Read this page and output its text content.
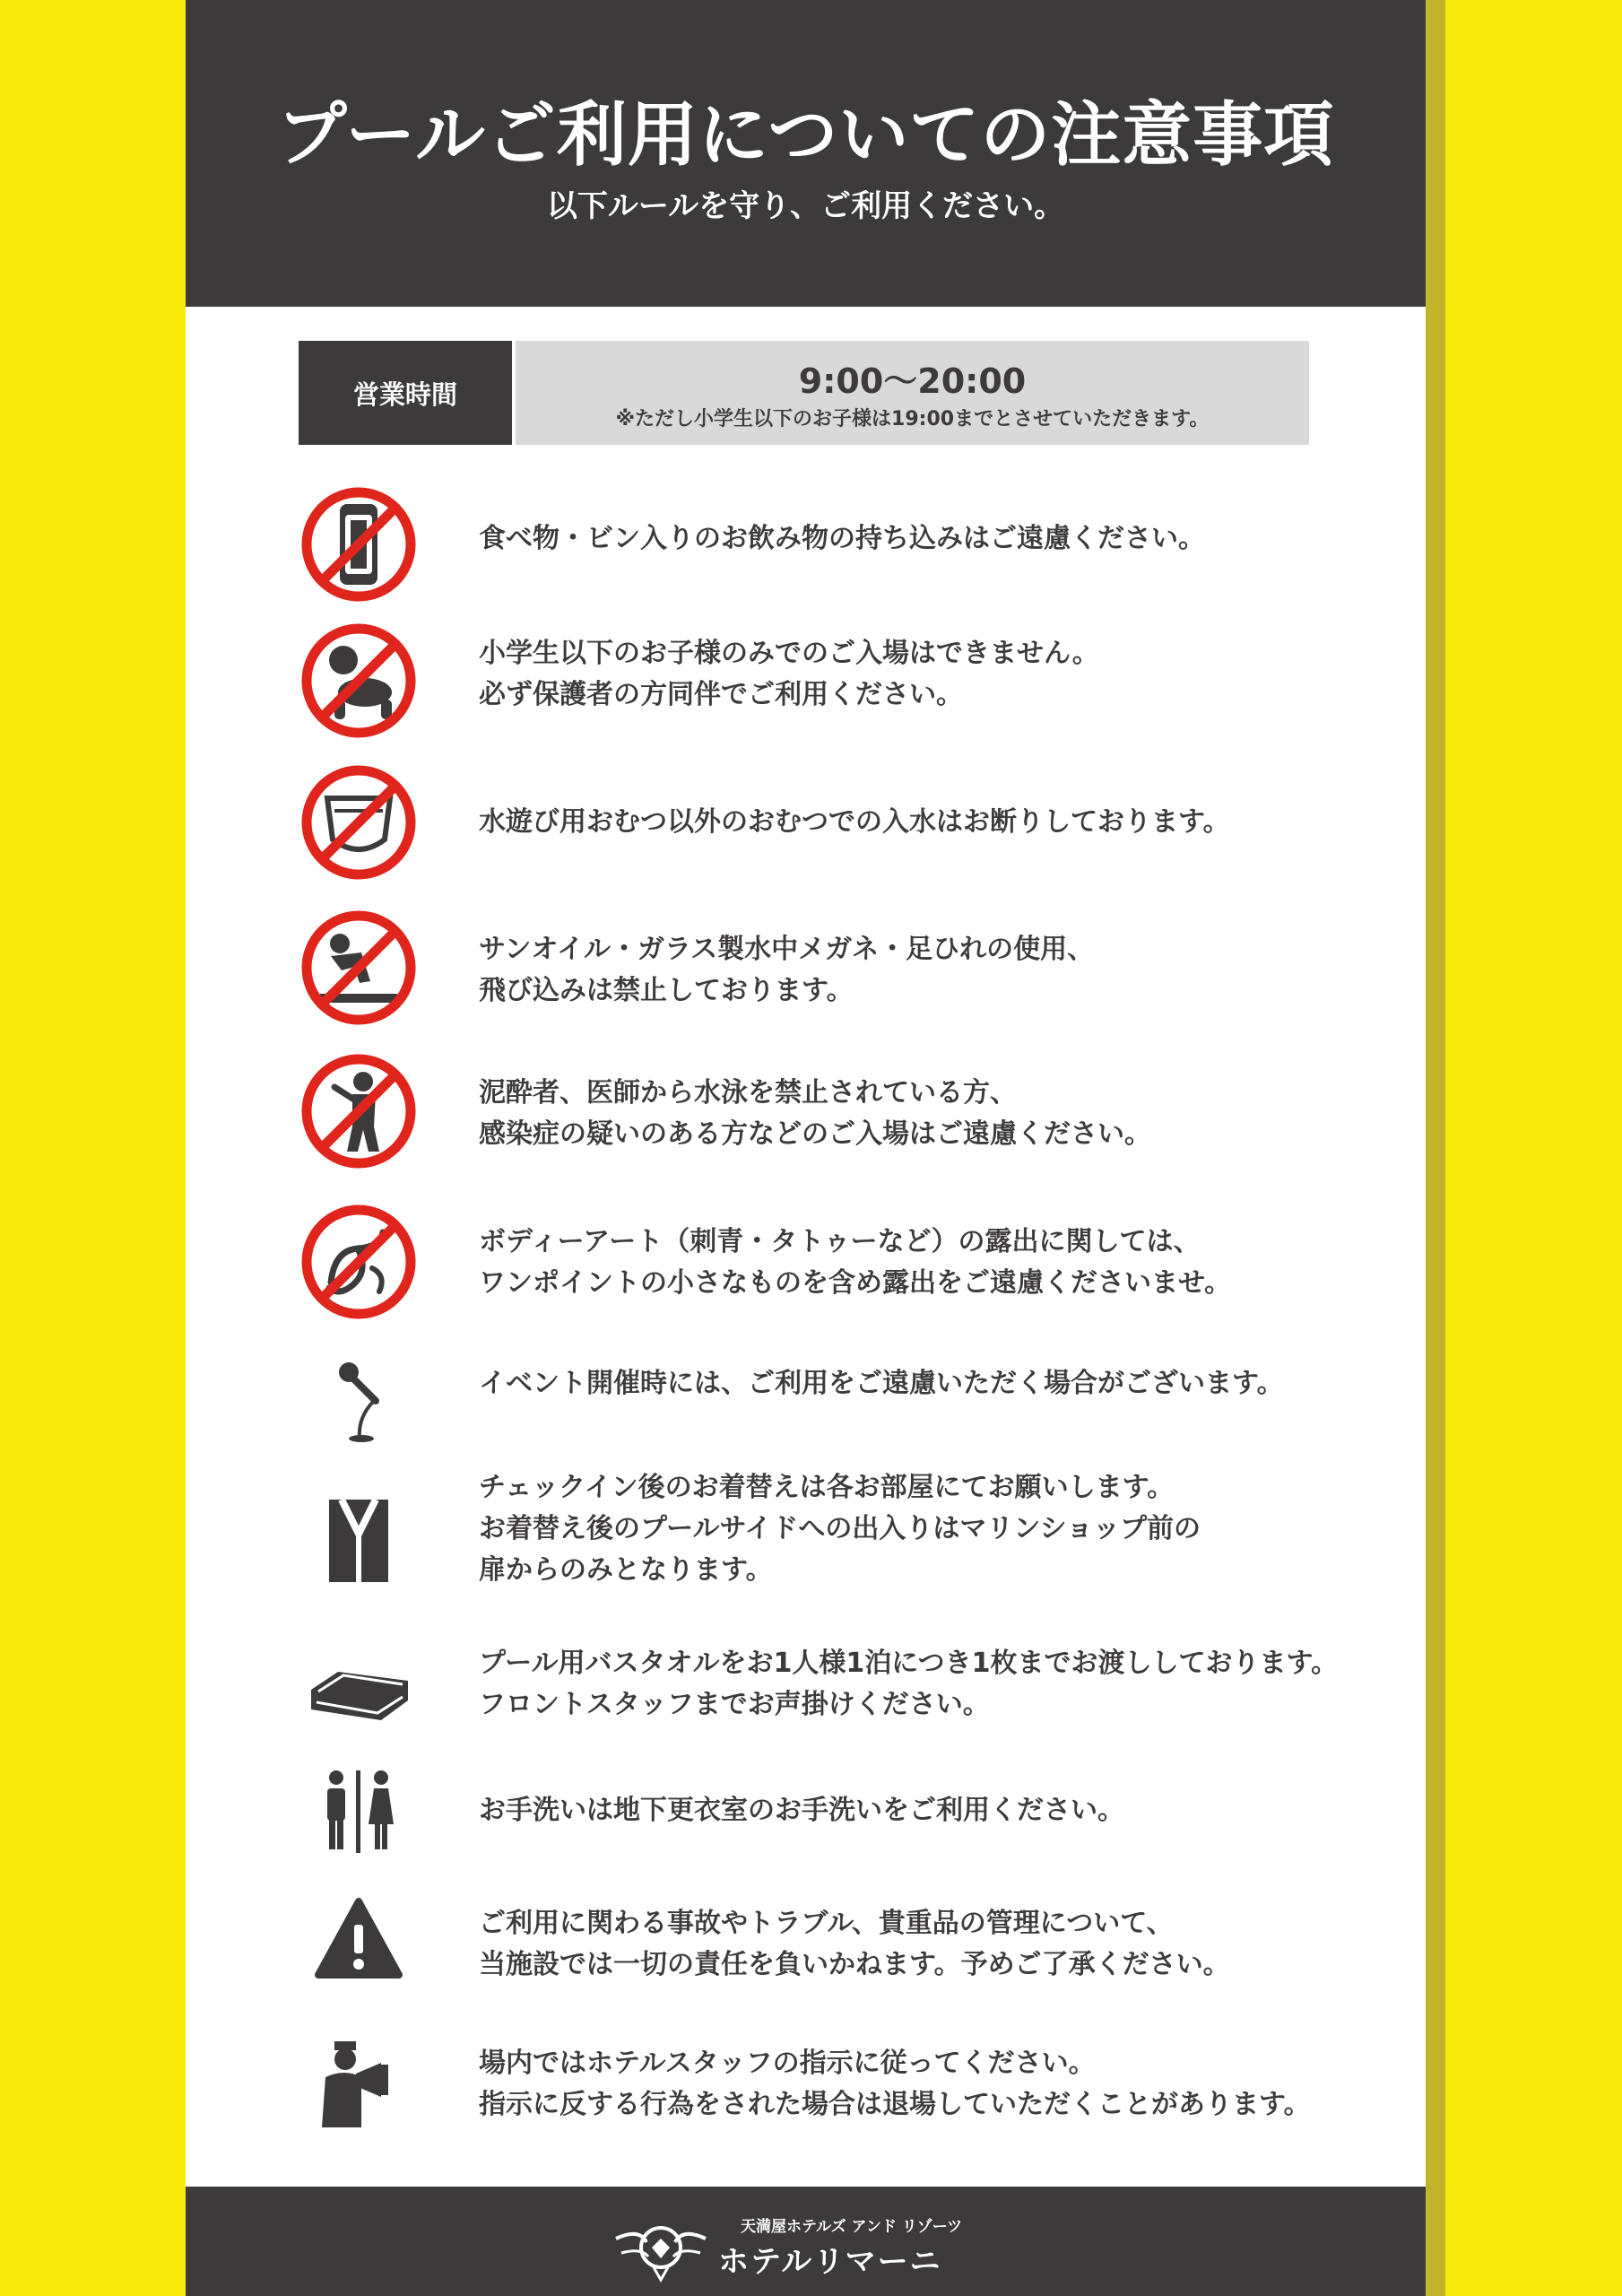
プールご利用についての注意事項
以下ルールを守り、ご利用ください。
営業時間	9:00〜20:00
※ただし小学生以下のお子様は19:00までとさせていただきます。
食べ物・ビン入りのお飲み物の持ち込みはご遠慮ください。
小学生以下のお子様のみでのご入場はできません。
必ず保護者の方同伴でご利用ください。
水遊び用おむつ以外のおむつでの入水はお断りしております。
サンオイル・ガラス製水中メガネ・足ひれの使用、
飛び込みは禁止しております。
泥酔者、医師から水泳を禁止されている方、
感染症の疑いのある方などのご入場はご遠慮ください。
ボディーアート（刺青・タトゥーなど）の露出に関しては、
ワンポイントの小さなものを含め露出をご遠慮くださいませ。
イベント開催時には、ご利用をご遠慮いただく場合がございます。
チェックイン後のお着替えは各お部屋にてお願いします。
お着替え後のプールサイドへの出入りはマリンショップ前の
扉からのみとなります。
プール用バスタオルをお1人様1泊につき1枚までお渡ししております。
フロントスタッフまでお声掛けください。
お手洗いは地下更衣室のお手洗いをご利用ください。
ご利用に関わる事故やトラブル、貴重品の管理について、
当施設では一切の責任を負いかねます。予めご了承ください。
場内ではホテルスタッフの指示に従ってください。
指示に反する行為をされた場合は退場していただくことがあります。
天満屋ホテルズ アンド リゾーツ
ホテルリマーニ
